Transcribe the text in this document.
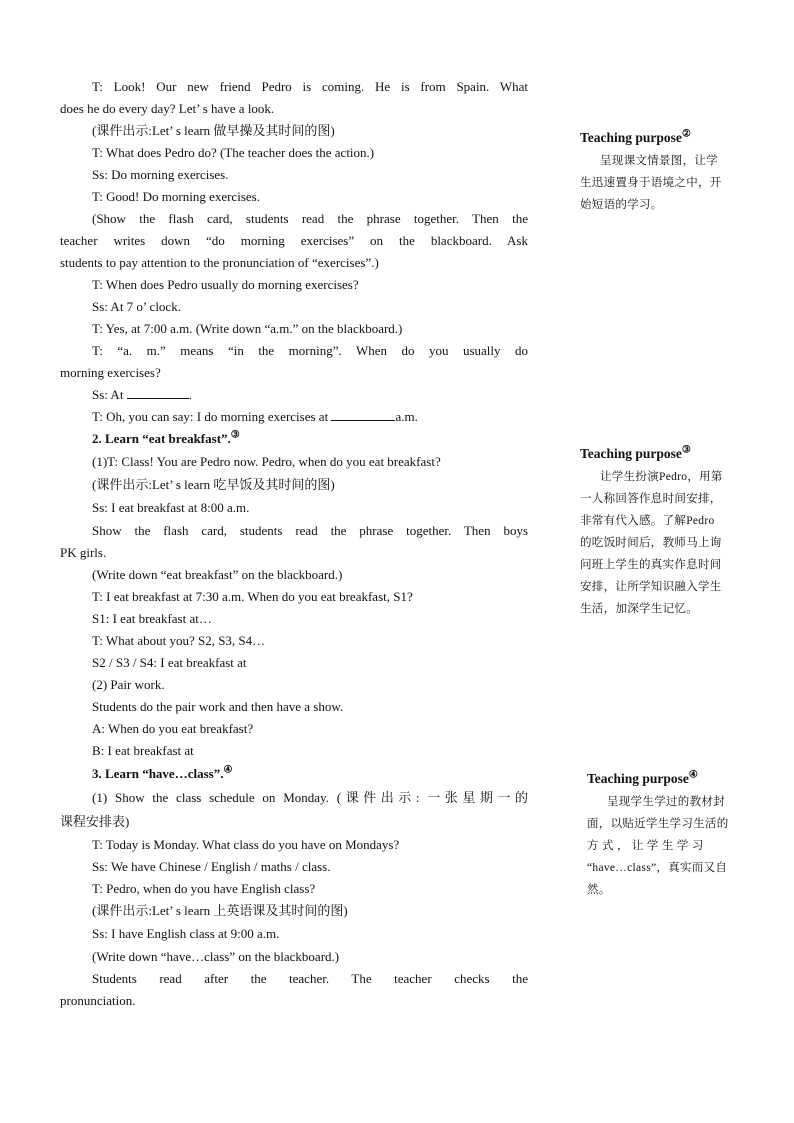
T: Look! Our new friend Pedro is coming. He is from Spain. What
does he do every day? Let’ s have a look.
(课件出示:Let’ s learn 做早操及其时间的图)
T: What does Pedro do? (The teacher does the action.)
Ss: Do morning exercises.
T: Good! Do morning exercises.
(Show the flash card, students read the phrase together. Then the
teacher writes down “do morning exercises” on the blackboard. Ask
students to pay attention to the pronunciation of “exercises”.)
T: When does Pedro usually do morning exercises?
Ss: At 7 o’ clock.
T: Yes, at 7:00 a.m. (Write down “a.m.” on the blackboard.)
T: “a. m.” means “in the morning”. When do you usually do
morning exercises?
Ss: At	.
T: Oh, you can say: I do morning exercises at	a.m.
2. Learn “eat breakfast”.③
(1)T: Class! You are Pedro now. Pedro, when do you eat breakfast?
(课件出示:Let’ s learn 吃早饭及其时间的图)
Ss: I eat breakfast at 8:00 a.m.
Show the flash card, students read the phrase together. Then boys
PK girls.
(Write down “eat breakfast” on the blackboard.)
T: I eat breakfast at 7:30 a.m. When do you eat breakfast, S1?
S1: I eat breakfast at…
T: What about you? S2, S3, S4…
S2 / S3 / S4: I eat breakfast at
(2) Pair work.
Students do the pair work and then have a show.
A: When do you eat breakfast?
B: I eat breakfast at
3. Learn “have…class”.④
(1) Show the class schedule on Monday. (课件出示: 一张星期一的
课程安排表)
T: Today is Monday. What class do you have on Mondays?
Ss: We have Chinese / English / maths / class.
T: Pedro, when do you have English class?
(课件出示:Let’ s learn 上英语课及其时间的图)
Ss: I have English class at 9:00 a.m.
(Write down “have…class” on the blackboard.)
Students read after the teacher. The teacher checks the
pronunciation.
Teaching purpose②
呈现课文情景图，让学
生迅速置身于语境之中，开
始短语的学习。
Teaching purpose③
让学生扮演Pedro，用第
一人称回答作息时间安排，
非常有代入感。了解Pedro
的吃饭时间后，教师马上询
问班上学生的真实作息时间
安排，让所学知识融入学生
生活，加深学生记忆。
Teaching purpose④
呈现学生学过的教材封
面，以贴近学生学习生活的
方 式 ， 让 学 生 学 习
“have…class”，真实而又自
然。
